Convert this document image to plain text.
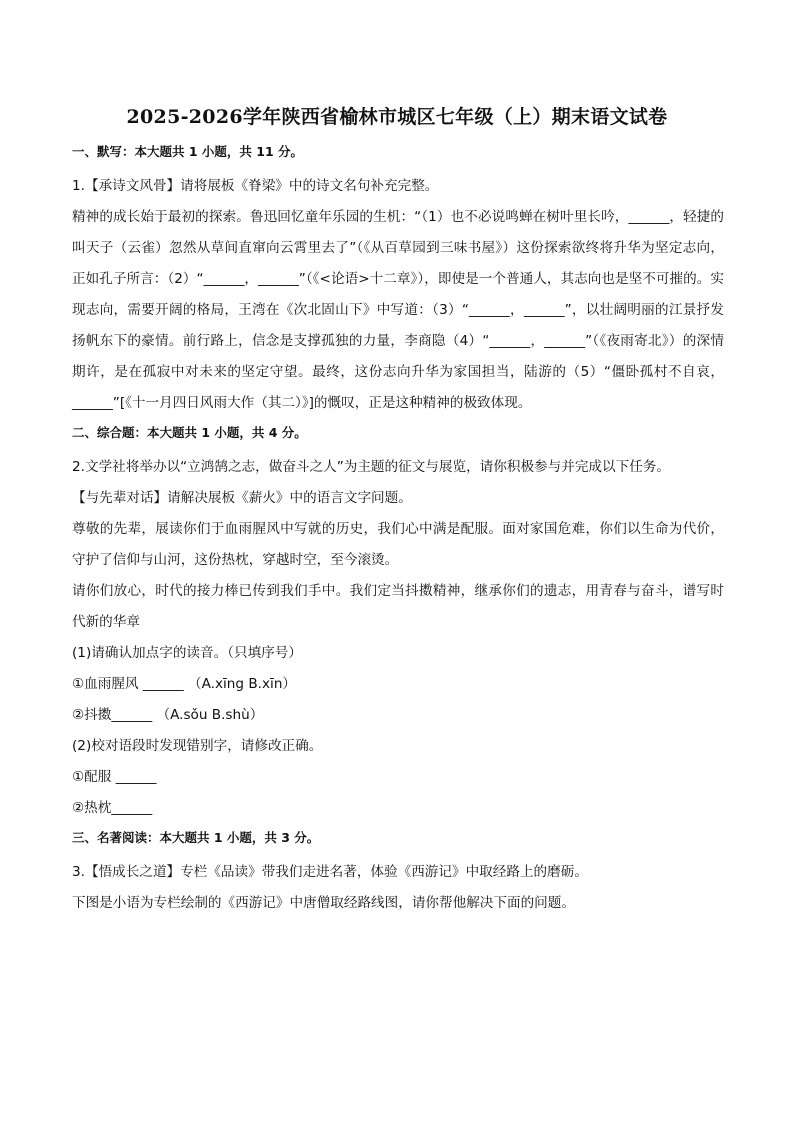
2025-2026学年陕西省榆林市城区七年级（上）期末语文试卷
一、默写：本大题共 1 小题，共 11 分。

1.【承诗文风骨】请将展板《脊梁》中的诗文名句补充完整。

精神的成长始于最初的探索。鲁迅回忆童年乐园的生机：“（1）也不必说鸣蝉在树叶里长吟，______，轻捷的叫天子（云雀）忽然从草间直窜向云霄里去了”（《从百草园到三味书屋》）这份探索欲终将升华为坚定志向，正如孔子所言：（2）“______，______”（《<论语>十二章》），即使是一个普通人，其志向也是坚不可摧的。实现志向，需要开阔的格局，王湾在《次北固山下》中写道：（3）“______，______”，以壮阔明丽的江景抒发扬帆东下的豪情。前行路上，信念是支撑孤独的力量，李商隐（4）“______，______”（《夜雨寄北》）的深情期许，是在孤寂中对未来的坚定守望。最终，这份志向升华为家国担当，陆游的（5）“僵卧孤村不自哀，______”[《十一月四日风雨大作（其二）》]的慨叹，正是这种精神的极致体现。

二、综合题：本大题共 1 小题，共 4 分。

2.文学社将举办以“立鸿鹄之志，做奋斗之人”为主题的征文与展览，请你积极参与并完成以下任务。

【与先辈对话】请解决展板《薪火》中的语言文字问题。

尊敬的先辈，展读你们于血雨腥风中写就的历史，我们心中满是配服。面对家国危难，你们以生命为代价，守护了信仰与山河，这份热枕，穿越时空，至今滚烫。

请你们放心，时代的接力棒已传到我们手中。我们定当抖擞精神，继承你们的遗志，用青春与奋斗，谱写时代新的华章

(1)请确认加点字的读音。（只填序号）

①血雨腥风 ______ （A.xīng B.xīn）

②抖擞______ （A.sǒu B.shù）

(2)校对语段时发现错别字，请修改正确。

①配服 ______

②热枕______

三、名著阅读：本大题共 1 小题，共 3 分。

3.【悟成长之道】专栏《品读》带我们走进名著，体验《西游记》中取经路上的磨砺。

下图是小语为专栏绘制的《西游记》中唐僧取经路线图，请你帮他解决下面的问题。
